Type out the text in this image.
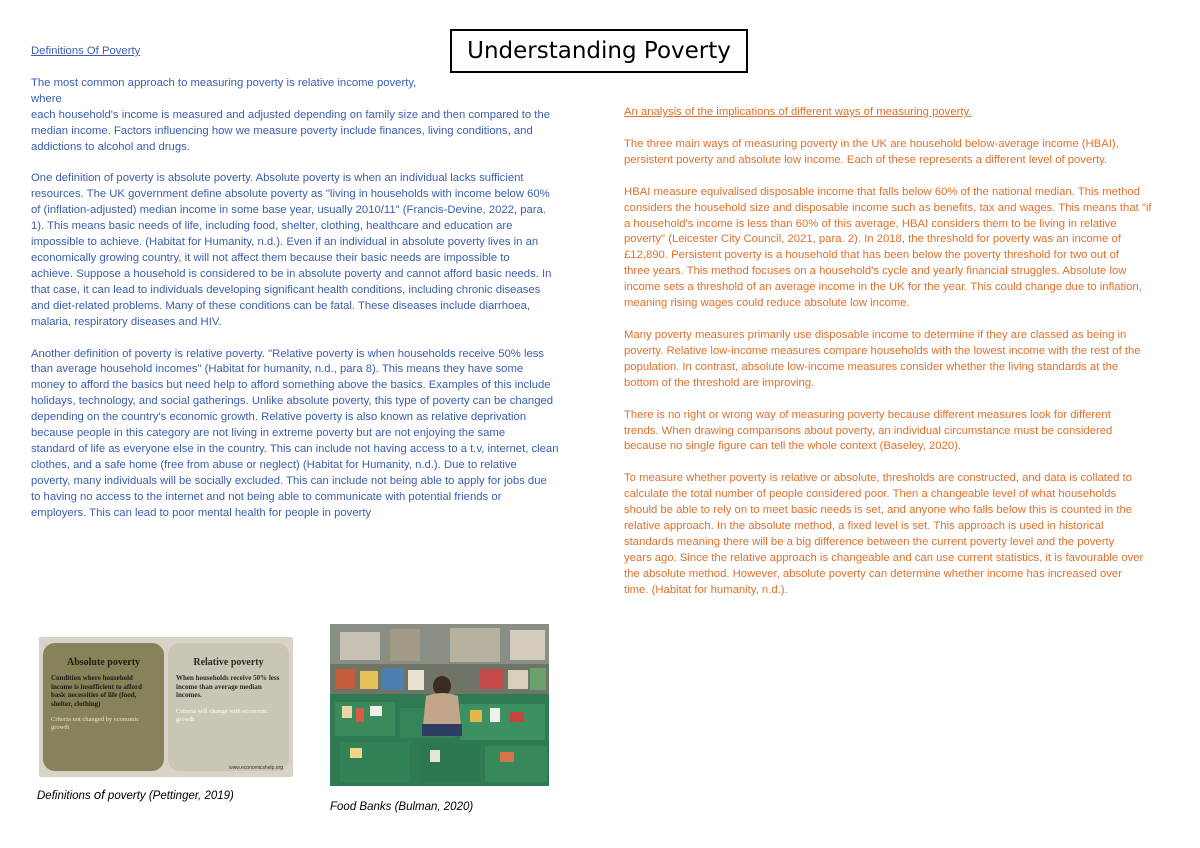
Understanding Poverty
Definitions Of Poverty

The most common approach to measuring poverty is relative income poverty,
where
each household's income is measured and adjusted depending on family size and then compared to the
median income. Factors influencing how we measure poverty include finances, living conditions, and
addictions to alcohol and drugs.

One definition of poverty is absolute poverty. Absolute poverty is when an individual lacks sufficient
resources. The UK government define absolute poverty as "living in households with income below 60%
of (inflation-adjusted) median income in some base year, usually 2010/11" (Francis-Devine, 2022, para.
1). This means basic needs of life, including food, shelter, clothing, healthcare and education are
impossible to achieve. (Habitat for Humanity, n.d.). Even if an individual in absolute poverty lives in an
economically growing country, it will not affect them because their basic needs are impossible to
achieve. Suppose a household is considered to be in absolute poverty and cannot afford basic needs. In
that case, it can lead to individuals developing significant health conditions, including chronic diseases
and diet-related problems. Many of these conditions can be fatal. These diseases include diarrhoea,
malaria, respiratory diseases and HIV.

Another definition of poverty is relative poverty. "Relative poverty is when households receive 50% less
than average household incomes" (Habitat for humanity, n.d., para 8). This means they have some
money to afford the basics but need help to afford something above the basics. Examples of this include
holidays, technology, and social gatherings. Unlike absolute poverty, this type of poverty can be changed
depending on the country's economic growth. Relative poverty is also known as relative deprivation
because people in this category are not living in extreme poverty but are not enjoying the same
standard of life as everyone else in the country. This can include not having access to a t.v, internet, clean
clothes, and a safe home (free from abuse or neglect) (Habitat for Humanity, n.d.). Due to relative
poverty, many individuals will be socially excluded. This can include not being able to apply for jobs due
to having no access to the internet and not being able to communicate with potential friends or
employers. This can lead to poor mental health for people in poverty

An analysis of the implications of different ways of measuring poverty.

The three main ways of measuring poverty in the UK are household below-average income (HBAI),
persistent poverty and absolute low income. Each of these represents a different level of poverty.

HBAI measure equivalised disposable income that falls below 60% of the national median. This method
considers the household size and disposable income such as benefits, tax and wages. This means that "if
a household's income is less than 60% of this average, HBAI considers them to be living in relative
poverty" (Leicester City Council, 2021, para. 2). In 2018, the threshold for poverty was an income of
£12,890. Persistent poverty is a household that has been below the poverty threshold for two out of
three years. This method focuses on a household's cycle and yearly financial struggles. Absolute low
income sets a threshold of an average income in the UK for the year. This could change due to inflation,
meaning rising wages could reduce absolute low income.

Many poverty measures primarily use disposable income to determine if they are classed as being in
poverty. Relative low-income measures compare households with the lowest income with the rest of the
population. In contrast, absolute low-income measures consider whether the living standards at the
bottom of the threshold are improving.

There is no right or wrong way of measuring poverty because different measures look for different
trends. When drawing comparisons about poverty, an individual circumstance must be considered
because no single figure can tell the whole context (Baseley, 2020).

To measure whether poverty is relative or absolute, thresholds are constructed, and data is collated to
calculate the total number of people considered poor. Then a changeable level of what households
should be able to rely on to meet basic needs is set, and anyone who falls below this is counted in the
relative approach. In the absolute method, a fixed level is set. This approach is used in historical
standards meaning there will be a big difference between the current poverty level and the poverty
years ago. Since the relative approach is changeable and can use current statistics, it is favourable over
the absolute method. However, absolute poverty can determine whether income has increased over
time. (Habitat for humanity, n.d.).

Absolute poverty
Condition where household income is insufficient to afford basic necessities of life (food, shelter, clothing)
Criteria not changed by economic growth
Relative poverty
When households receive 50% less income than average median incomes.
Criteria will change with economic growth
www.economicshelp.org
Definitions of poverty (Pettinger, 2019)
Food Banks (Bulman, 2020)
